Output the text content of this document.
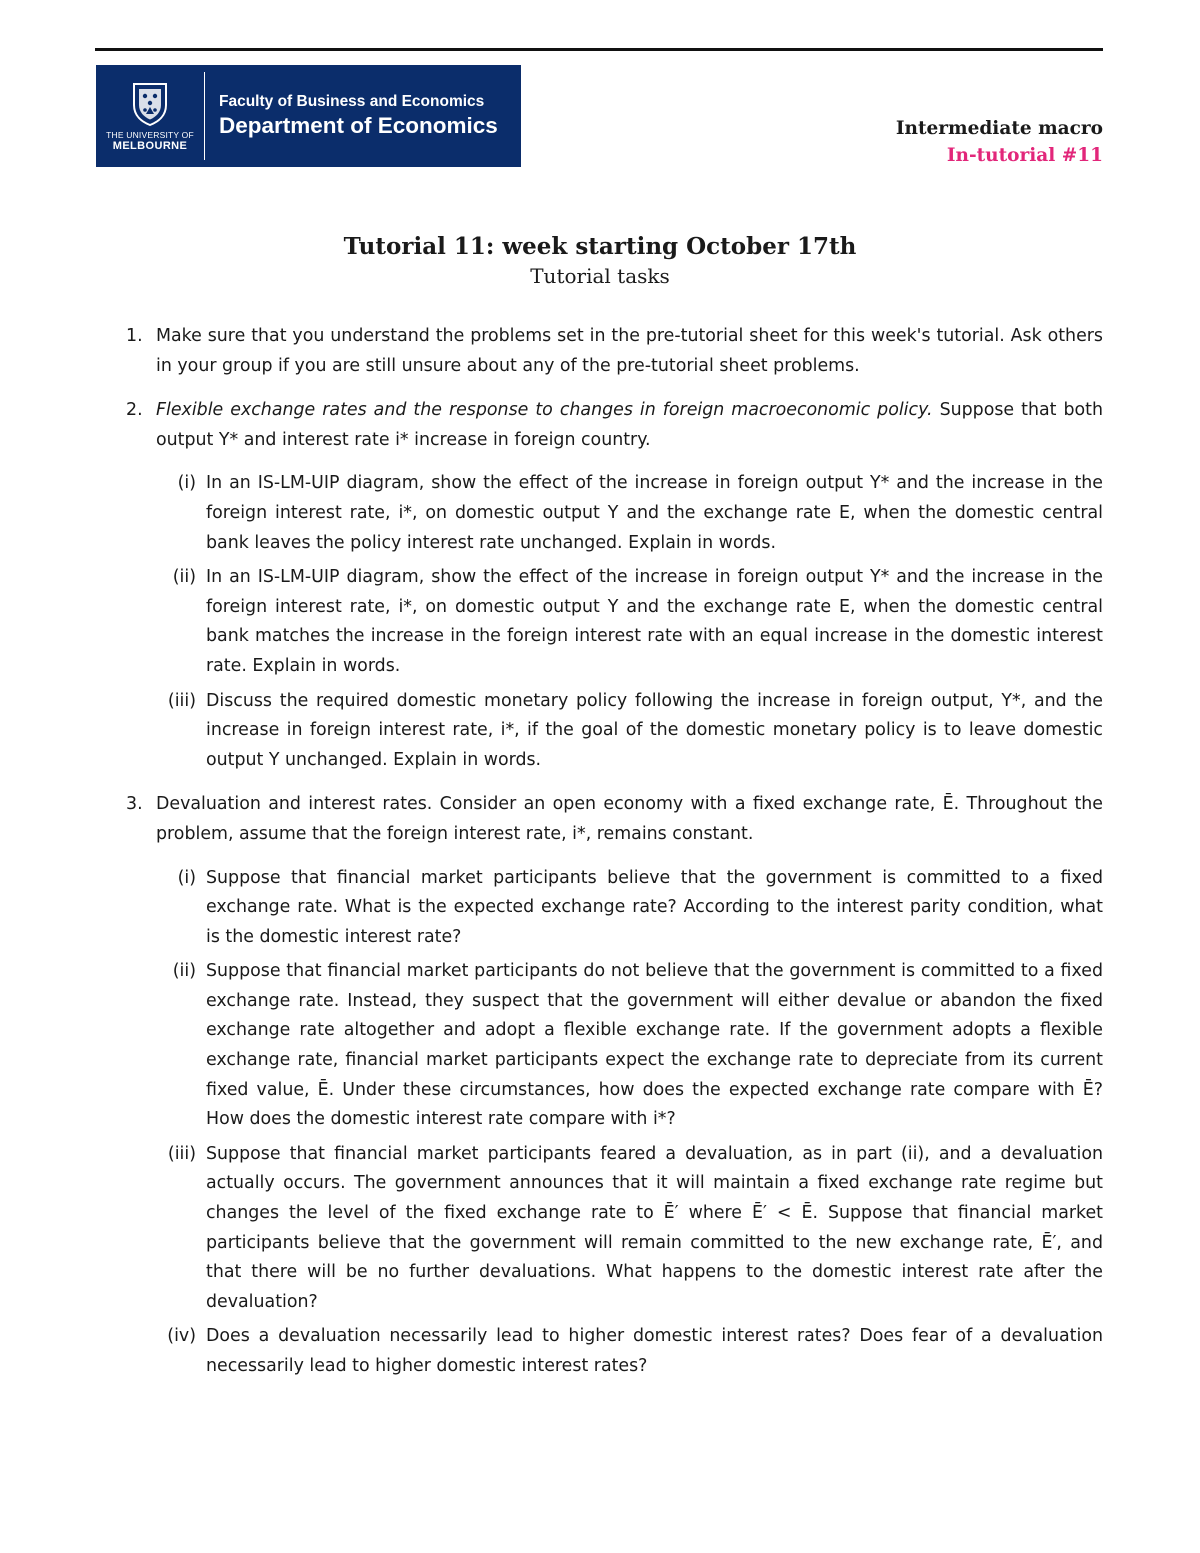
THE UNIVERSITY OF
MELBOURNE
Faculty of Business and Economics
Department of Economics	Intermediate macro
In-tutorial #11
Tutorial 11: week starting October 17th
Tutorial tasks
1. Make sure that you understand the problems set in the pre-tutorial sheet for this week's tutorial. Ask others in your group if you are still unsure about any of the pre-tutorial sheet problems.
2. Flexible exchange rates and the response to changes in foreign macroeconomic policy. Suppose that both output Y* and interest rate i* increase in foreign country.
(i) In an IS-LM-UIP diagram, show the effect of the increase in foreign output Y* and the increase in the foreign interest rate, i*, on domestic output Y and the exchange rate E, when the domestic central bank leaves the policy interest rate unchanged. Explain in words.
(ii) In an IS-LM-UIP diagram, show the effect of the increase in foreign output Y* and the increase in the foreign interest rate, i*, on domestic output Y and the exchange rate E, when the domestic central bank matches the increase in the foreign interest rate with an equal increase in the domestic interest rate. Explain in words.
(iii) Discuss the required domestic monetary policy following the increase in foreign output, Y*, and the increase in foreign interest rate, i*, if the goal of the domestic monetary policy is to leave domestic output Y unchanged. Explain in words.
3. Devaluation and interest rates. Consider an open economy with a fixed exchange rate, Ē. Throughout the problem, assume that the foreign interest rate, i*, remains constant.
(i) Suppose that financial market participants believe that the government is committed to a fixed exchange rate. What is the expected exchange rate? According to the interest parity condition, what is the domestic interest rate?
(ii) Suppose that financial market participants do not believe that the government is committed to a fixed exchange rate. Instead, they suspect that the government will either devalue or abandon the fixed exchange rate altogether and adopt a flexible exchange rate. If the government adopts a flexible exchange rate, financial market participants expect the exchange rate to depreciate from its current fixed value, Ē. Under these circumstances, how does the expected exchange rate compare with Ē? How does the domestic interest rate compare with i*?
(iii) Suppose that financial market participants feared a devaluation, as in part (ii), and a devaluation actually occurs. The government announces that it will maintain a fixed exchange rate regime but changes the level of the fixed exchange rate to Ē′ where Ē′ < Ē. Suppose that financial market participants believe that the government will remain committed to the new exchange rate, Ē′, and that there will be no further devaluations. What happens to the domestic interest rate after the devaluation?
(iv) Does a devaluation necessarily lead to higher domestic interest rates? Does fear of a devaluation necessarily lead to higher domestic interest rates?
